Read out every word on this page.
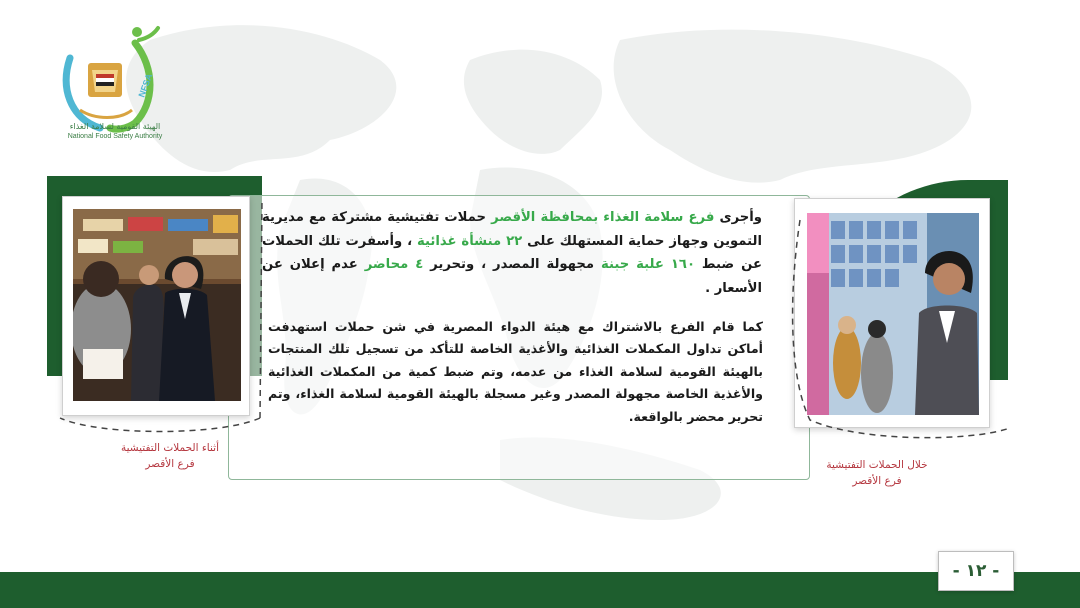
NFSA
الهيئة القومية لسلامة الغذاء
National Food Safety Authority

وأجرى فرع سلامة الغذاء بمحافظة الأقصر حملات تفتيشية مشتركة مع مديرية التموين وجهاز حماية المستهلك على ٢٢ منشأة غذائية ، وأسفرت تلك الحملات عن ضبط ١٦٠ علبة جبنة مجهولة المصدر ، وتحرير ٤ محاضر عدم إعلان عن الأسعار .

كما قام الفرع بالاشتراك مع هيئة الدواء المصرية في شن حملات استهدفت أماكن تداول المكملات الغذائية والأغذية الخاصة للتأكد من تسجيل تلك المنتجات بالهيئة القومية لسلامة الغذاء من عدمه، وتم ضبط كمية من المكملات الغذائية والأغذية الخاصة مجهولة المصدر وغير مسجلة بالهيئة القومية لسلامة الغذاء، وتم تحرير محضر بالواقعة.

أثناء الحملات التفتيشية
فرع الأقصر	خلال الحملات التفتيشية
فرع الأقصر
- ١٢ -
